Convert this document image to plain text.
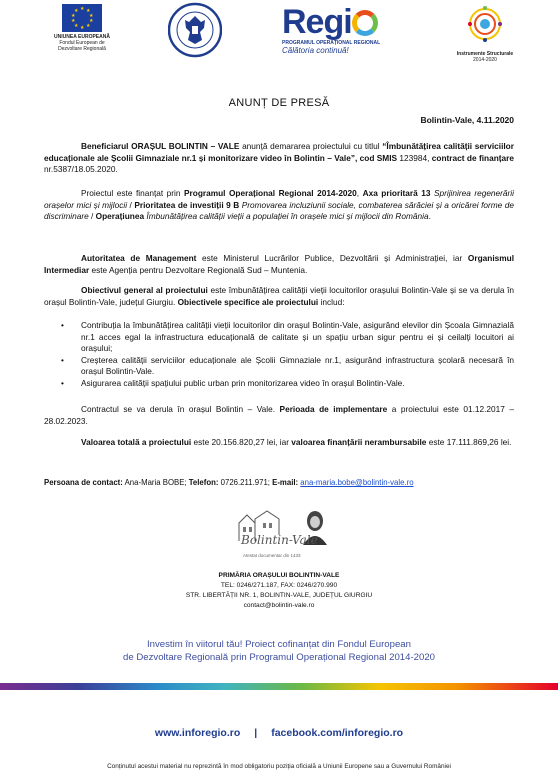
★ ★
★
★
★
★
★
★
★
★
UNIUNEA EUROPEANĂ
Fondul European de
Dezvoltare Regională
Regi
PROGRAMUL OPERAȚIONAL REGIONAL
Călătoria continuă!	Instrumente Structurale
2014-2020
ANUNȚ DE PRESĂ
Bolintin-Vale, 4.11.2020

Beneficiarul ORAȘUL BOLINTIN – VALE anunță demararea proiectului cu titlul “Îmbunătățirea calității serviciilor educaționale ale Școlii Gimnaziale nr.1 și monitorizare video în Bolintin – Vale”, cod SMIS 123984, contract de finanțare nr.5387/18.05.2020.

Proiectul este finanțat prin Programul Operațional Regional 2014-2020, Axa prioritară 13 Sprijinirea regenerării orașelor mici și mijlocii / Prioritatea de investiții 9 B Promovarea incluziunii sociale, combaterea sărăciei și a oricărei forme de discriminare / Operațiunea Îmbunătățirea calității vieții a populației în orașele mici și mijlocii din România.

Autoritatea de Management este Ministerul Lucrărilor Publice, Dezvoltării și Administrației, iar Organismul Intermediar este Agenția pentru Dezvoltare Regională Sud – Muntenia.

Obiectivul general al proiectului este îmbunătățirea calității vieții locuitorilor orașului Bolintin-Vale și se va derula în orașul Bolintin-Vale, județul Giurgiu. Obiectivele specifice ale proiectului includ:

• Contribuția la îmbunătățirea calității vieții locuitorilor din orașul Bolintin-Vale, asigurând elevilor din Școala Gimnazială nr.1 acces egal la infrastructura educațională de calitate și un spațiu urban sigur pentru ei și ceilalți locuitori ai orașului;
• Creșterea calității serviciilor educaționale ale Școlii Gimnaziale nr.1, asigurând infrastructura școlară necesară în orașul Bolintin-Vale.
• Asigurarea calității spațiului public urban prin monitorizarea video în orașul Bolintin-Vale.

Contractul se va derula în orașul Bolintin – Vale. Perioada de implementare a proiectului este 01.12.2017 – 28.02.2023.

Valoarea totală a proiectului este 20.156.820,27 lei, iar valoarea finanțării nerambursabile este 17.111.869,26 lei.

Persoana de contact: Ana-Maria BOBE; Telefon: 0726.211.971; E-mail: ana-maria.bobe@bolintin-vale.ro
Bolintin-Vale
Atestat documentar din 1433
PRIMĂRIA ORAȘULUI BOLINTIN-VALE
TEL: 0246/271.187, FAX: 0246/270.990
STR. LIBERTĂȚII NR. 1, BOLINTIN-VALE, JUDEȚUL GIURGIU
contact@bolintin-vale.ro
Investim în viitorul tău! Proiect cofinanțat din Fondul European
de Dezvoltare Regională prin Programul Operațional Regional 2014-2020
www.inforegio.ro | facebook.com/inforegio.ro
Conținutul acestui material nu reprezintă în mod obligatoriu poziția oficială a Uniunii Europene sau a Guvernului României
